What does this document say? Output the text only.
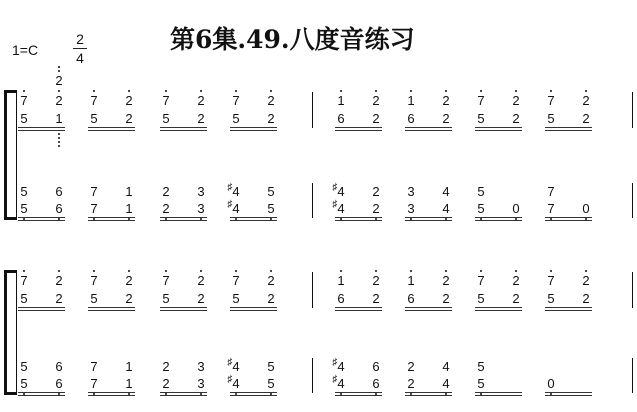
第6集.49.八度音练习
1=C
2
4
7 2 7 2 7 2 7 2	1 2 1 2 7 2 7 2
5 1 5 2 5 2 5 2	6 2 6 2 5 2 5 2
5 6 7 1 2 3 4 5	4 2 3 4 5	7
5 6 7 1 2 3 4 5	4 2 3 4 5 0 7 0
♯
♯
♯
♯
7 2 7 2 7 2 7 2	1 2 1 2 7 2 7 2
5 2 5 2 5 2 5 2	6 2 6 2 5 2 5 2
5 6 7 1 2 3 4 5	4 6 2 4 5
5 6 7 1 2 3 4 5	4 6 2 4 5	0
♯
♯
♯
♯
2
